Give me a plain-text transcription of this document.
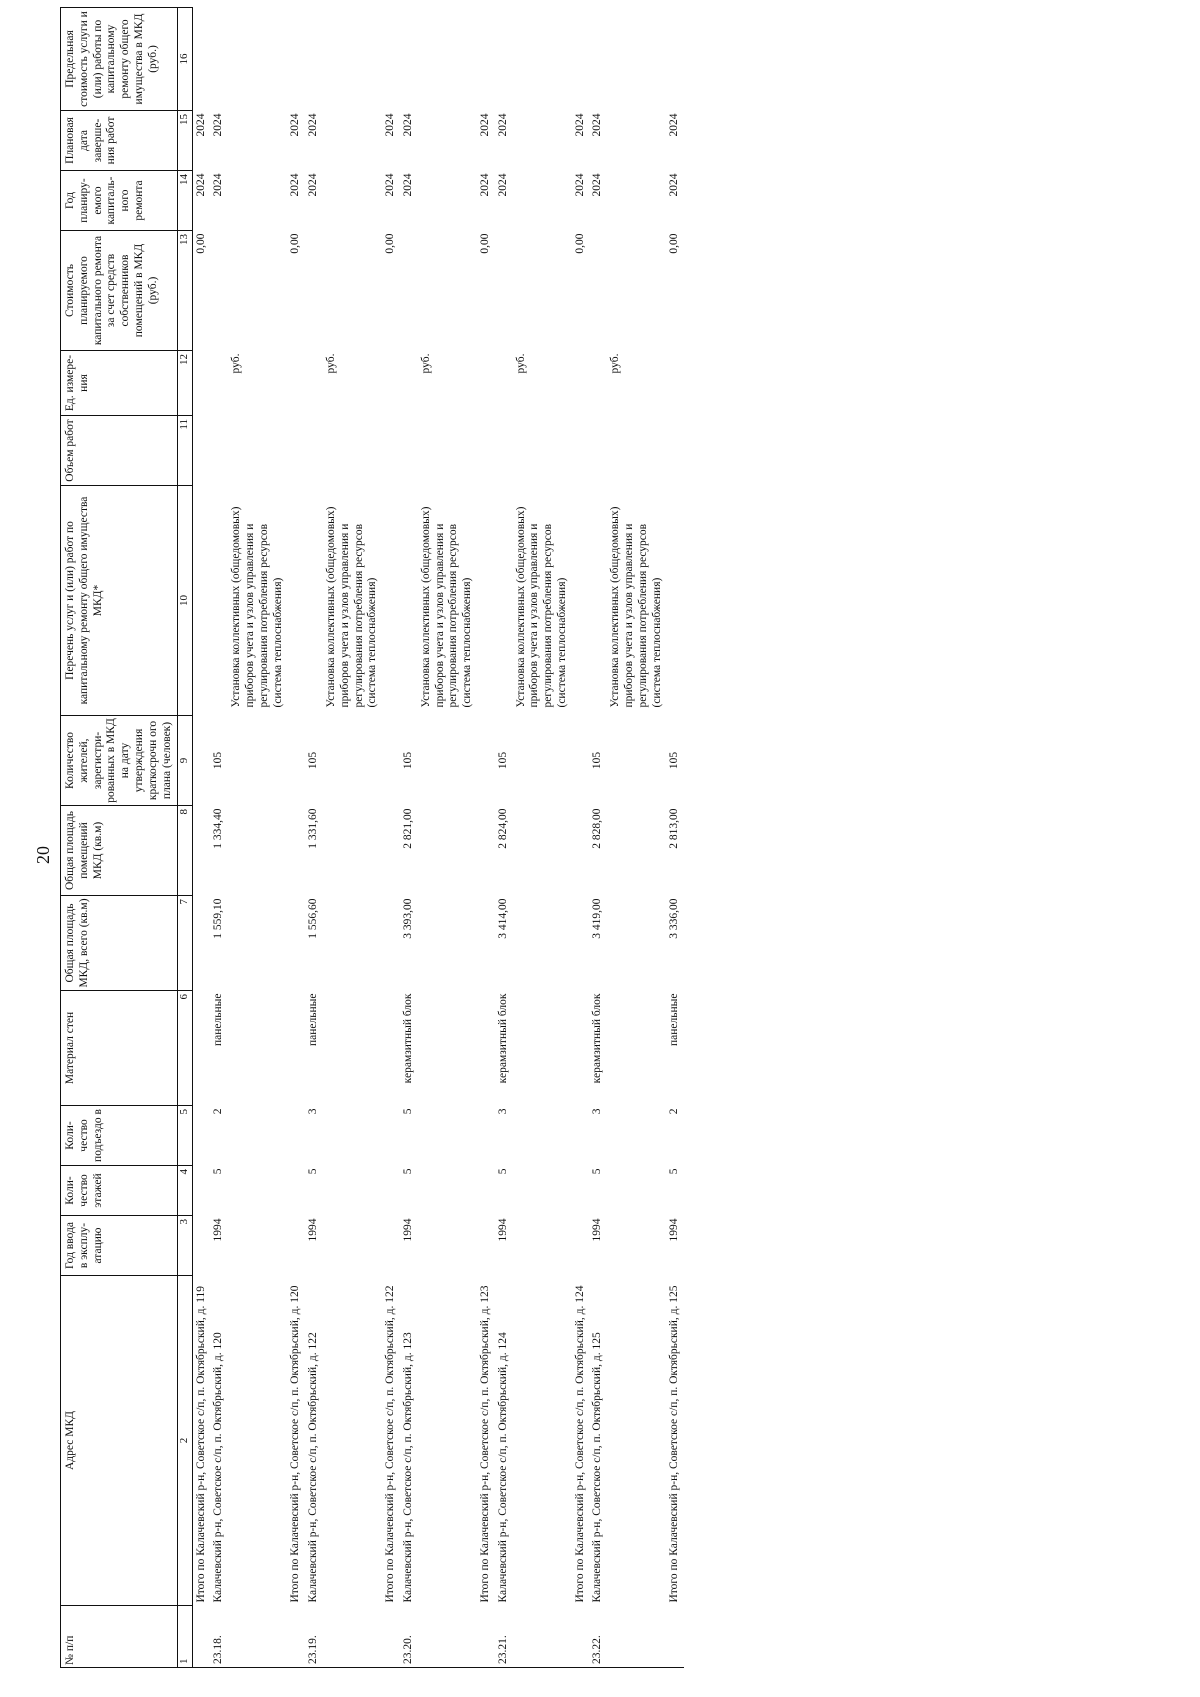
20
№ п/п	Адрес МКД	Год ввода в эксплу-атацию	Коли-чество этажей	Коли-чество подъездо в	Материал стен	Общая площадь МКД, всего (кв.м)	Общая площадь помещений МКД (кв.м)	Количество жителей, зарегистри-рованных в МКД на дату утверждения краткосрочн ого плана (человек)	Перечень услуг и (или) работ по капитальному ремонту общего имущества МКД*	Объем работ	Ед. измере-ния	Стоимость планируемого капитального ремонта за счет средств собственников помещений в МКД (руб.)	Год планиру-емого капиталь-ного ремонта	Плановая дата заверше-ния работ	Предельная стоимость услуги и (или) работы по капитальному ремонту общего имущества в МКД (руб.)
1	2	3	4	5	6	7	8	9	10	11	12	13	14	15	16
	Итого по Калачевский р-н, Советское с/п, п. Октябрьский, д. 119											0,00	2024	2024	
23.18.	Калачевский р-н, Советское с/п, п. Октябрьский, д. 120	1994	5	2	панельные	1 559,10	1 334,40	105					2024	2024	
									Установка коллективных (общедомовых) приборов учета и узлов управления и регулирования потребления ресурсов (система теплоснабжения)		руб.				
	Итого по Калачевский р-н, Советское с/п, п. Октябрьский, д. 120											0,00	2024	2024	
23.19.	Калачевский р-н, Советское с/п, п. Октябрьский, д. 122	1994	5	3	панельные	1 556,60	1 331,60	105					2024	2024	
									Установка коллективных (общедомовых) приборов учета и узлов управления и регулирования потребления ресурсов (система теплоснабжения)		руб.				
	Итого по Калачевский р-н, Советское с/п, п. Октябрьский, д. 122											0,00	2024	2024	
23.20.	Калачевский р-н, Советское с/п, п. Октябрьский, д. 123	1994	5	5	керамзитный блок	3 393,00	2 821,00	105					2024	2024	
									Установка коллективных (общедомовых) приборов учета и узлов управления и регулирования потребления ресурсов (система теплоснабжения)		руб.				
	Итого по Калачевский р-н, Советское с/п, п. Октябрьский, д. 123											0,00	2024	2024	
23.21.	Калачевский р-н, Советское с/п, п. Октябрьский, д. 124	1994	5	3	керамзитный блок	3 414,00	2 824,00	105					2024	2024	
									Установка коллективных (общедомовых) приборов учета и узлов управления и регулирования потребления ресурсов (система теплоснабжения)		руб.				
	Итого по Калачевский р-н, Советское с/п, п. Октябрьский, д. 124											0,00	2024	2024	
23.22.	Калачевский р-н, Советское с/п, п. Октябрьский, д. 125	1994	5	3	керамзитный блок	3 419,00	2 828,00	105					2024	2024	
									Установка коллективных (общедомовых) приборов учета и узлов управления и регулирования потребления ресурсов (система теплоснабжения)		руб.				
	Итого по Калачевский р-н, Советское с/п, п. Октябрьский, д. 125	1994	5	2	панельные	3 336,00	2 813,00	105				0,00	2024	2024	
